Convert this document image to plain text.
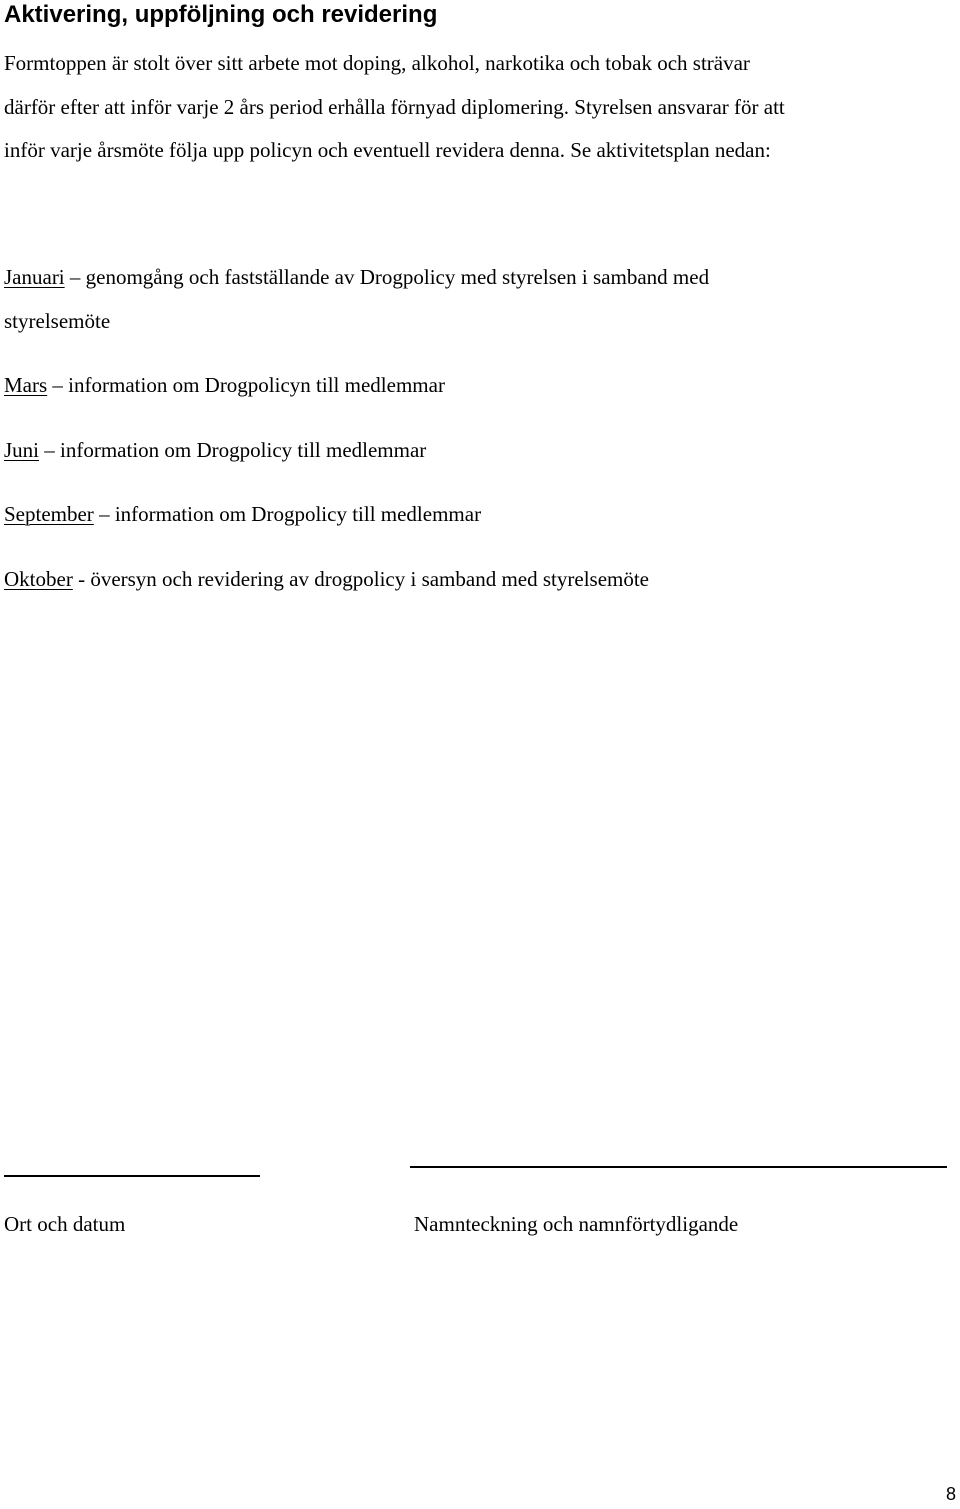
Aktivering, uppföljning och revidering

Formtoppen är stolt över sitt arbete mot doping, alkohol, narkotika och tobak och strävar
därför efter att inför varje 2 års period erhålla förnyad diplomering. Styrelsen ansvarar för att
inför varje årsmöte följa upp policyn och eventuell revidera denna. Se aktivitetsplan nedan:

Januari – genomgång och fastställande av Drogpolicy med styrelsen i samband med
styrelsemöte

Mars – information om Drogpolicyn till medlemmar

Juni – information om Drogpolicy till medlemmar

September – information om Drogpolicy till medlemmar

Oktober - översyn och revidering av drogpolicy i samband med styrelsemöte

Ort och datum	Namnteckning och namnförtydligande

8
